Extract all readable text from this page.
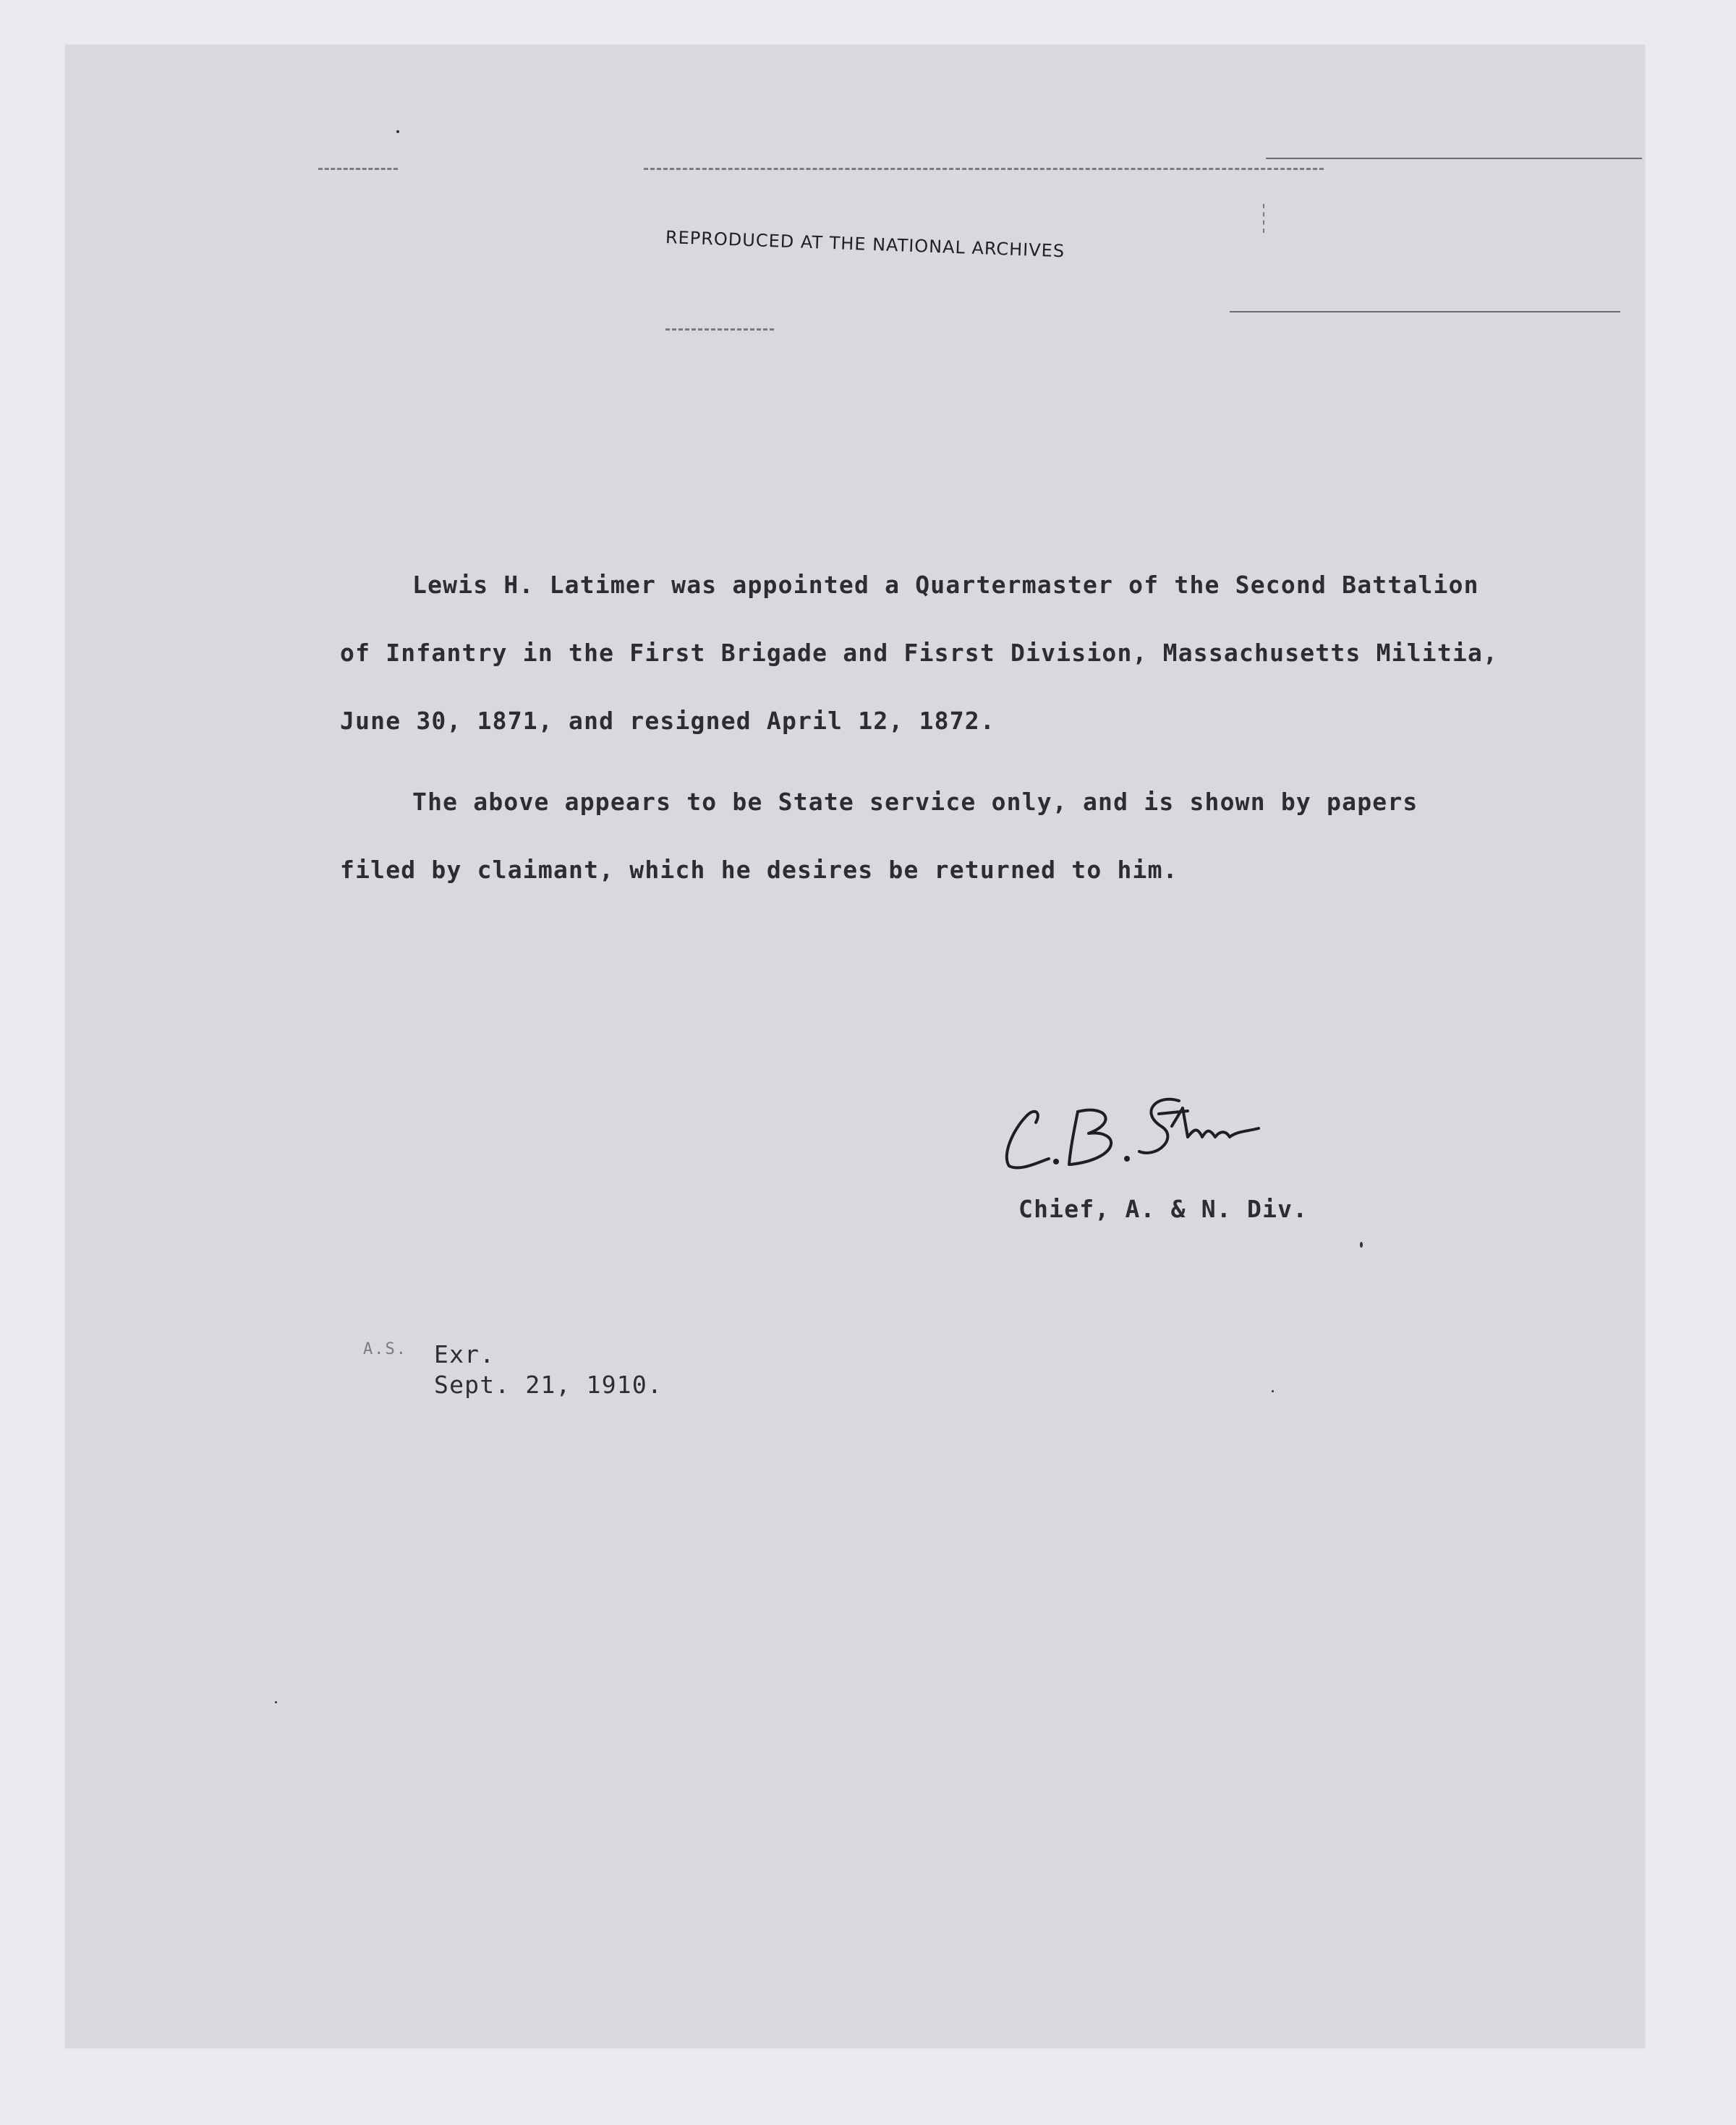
REPRODUCED AT THE NATIONAL ARCHIVES
Lewis H. Latimer was appointed a Quartermaster of the Second Battalion
of Infantry in the First Brigade and Fisrst Division, Massachusetts Militia,
June 30, 1871, and resigned April 12, 1872.
The above appears to be State service only, and is shown by papers
filed by claimant, which he desires be returned to him.
Chief, A. & N. Div.
A.S. Exr.
Sept. 21, 1910.
